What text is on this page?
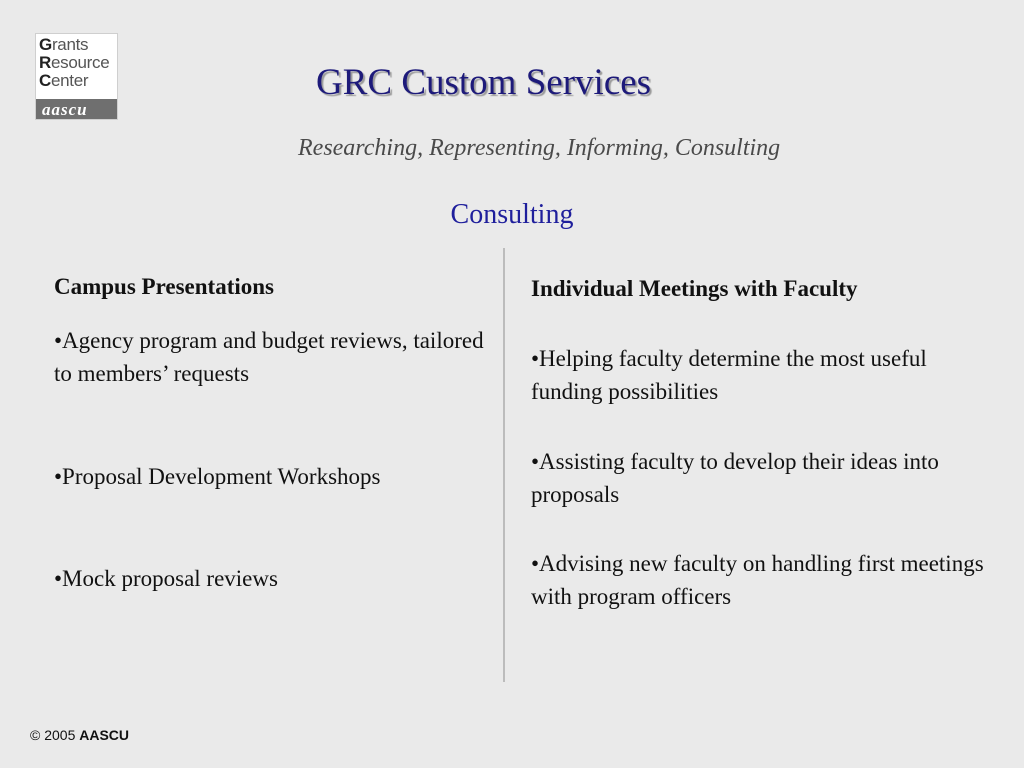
Grants
Resource
Center
aascu
GRC Custom Services
Researching, Representing, Informing, Consulting
Consulting
Campus Presentations
•Agency program and budget reviews, tailored to members’ requests
•Proposal Development Workshops
•Mock proposal reviews
Individual Meetings with Faculty
•Helping faculty determine the most useful funding possibilities
•Assisting faculty to develop their ideas into proposals
•Advising new faculty on handling first meetings with program officers
© 2005 AASCU
